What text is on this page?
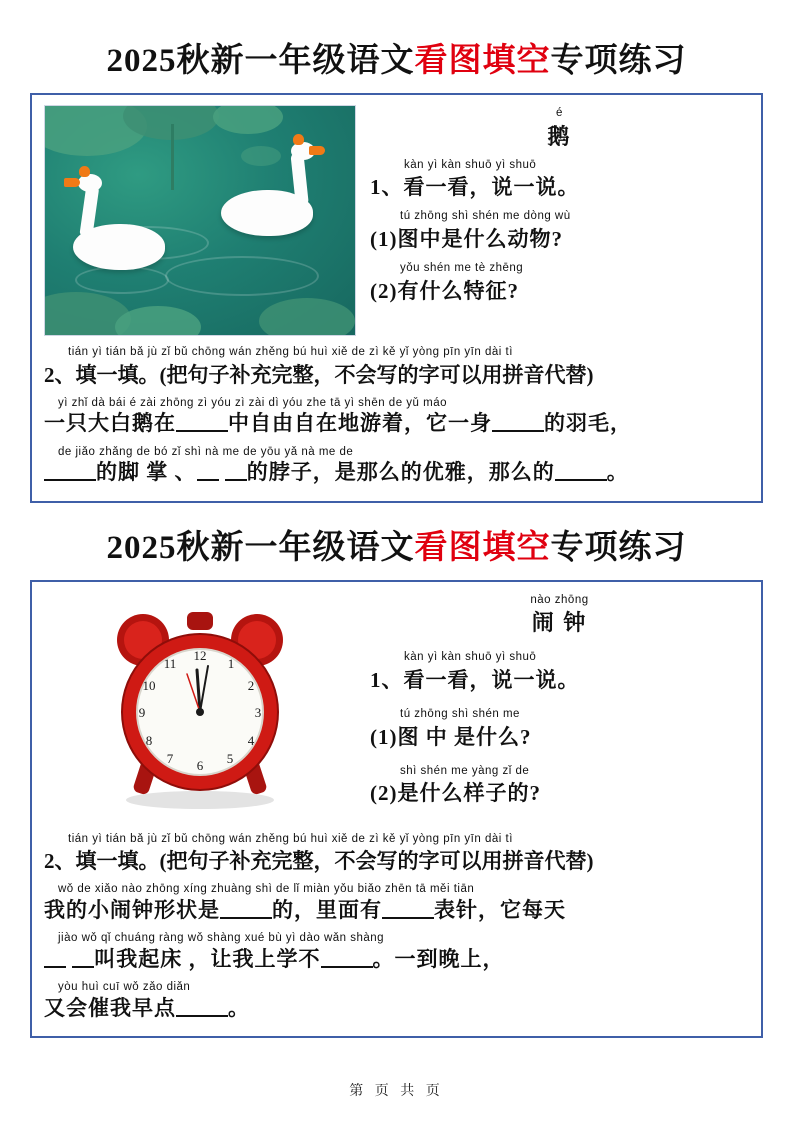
2025秋新一年级语文看图填空专项练习
é
鹅
kàn yì kàn shuō yì shuō
1、看一看，说一说。
tú zhōng shì shén me dòng wù
(1)图中是什么动物?
yǒu shén me tè zhēng
(2)有什么特征?
tián yì tián bǎ jù zǐ bǔ chōng wán zhěng bú huì xiě de zì kě yǐ yòng pīn yīn dài tì
2、填一填。(把句子补充完整，不会写的字可以用拼音代替)
yì zhǐ dà bái é zài zhōng zì yóu zì zài dì yóu zhe tā yì shēn de yǔ máo
一只大白鹅在 中自由自在地游着，它一身 的羽毛，
de jiǎo zhǎng de bó zǐ shì nà me de yōu yǎ nà me de
的脚 掌 、 的脖子，是那么的优雅，那么的 。
2025秋新一年级语文看图填空专项练习
12
1
2
3
4
5
6
7
8
9
10
11
nào zhōng
闹 钟
kàn yì kàn shuō yì shuō
1、看一看，说一说。
tú zhōng shì shén me
(1)图 中 是什么?
shì shén me yàng zǐ de
(2)是什么样子的?
tián yì tián bǎ jù zǐ bǔ chōng wán zhěng bú huì xiě de zì kě yǐ yòng pīn yīn dài tì
2、填一填。(把句子补充完整，不会写的字可以用拼音代替)
wǒ de xiǎo nào zhōng xíng zhuàng shì de lǐ miàn yǒu biǎo zhēn tā měi tiān
我的小闹钟形状是 的，里面有 表针，它每天
jiào wǒ qǐ chuáng ràng wǒ shàng xué bù yì dào wǎn shàng
叫我起床 ，让我上学不 。一到晚上，
yòu huì cuī wǒ zǎo diǎn
又会催我早点 。
第 页 共 页
